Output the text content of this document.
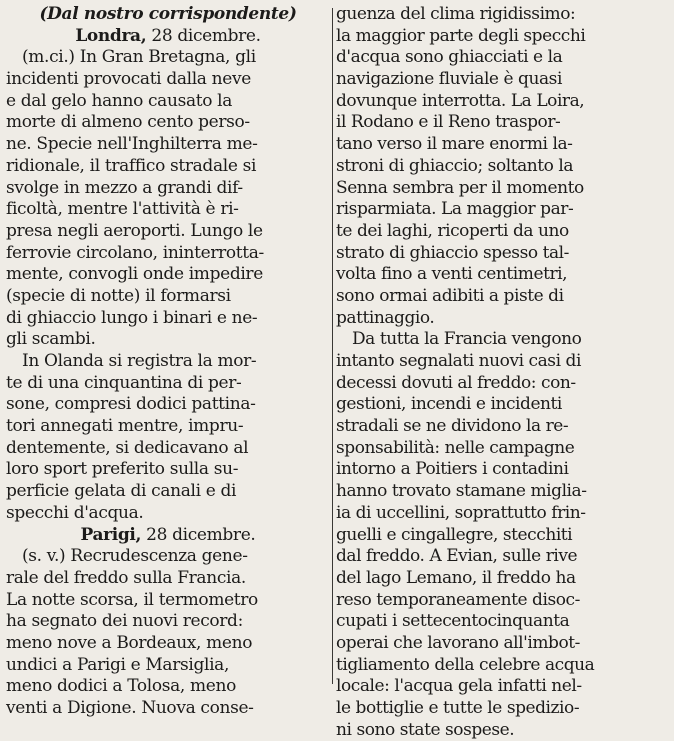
(Dal nostro corrispondente)
Londra, 28 dicembre.
(m.ci.) In Gran Bretagna, gli
incidenti provocati dalla neve
e dal gelo hanno causato la
morte di almeno cento perso-
ne. Specie nell'Inghilterra me-
ridionale, il traffico stradale si
svolge in mezzo a grandi dif-
ficoltà, mentre l'attività è ri-
presa negli aeroporti. Lungo le
ferrovie circolano, ininterrotta-
mente, convogli onde impedire
(specie di notte) il formarsi
di ghiaccio lungo i binari e ne-
gli scambi.
In Olanda si registra la mor-
te di una cinquantina di per-
sone, compresi dodici pattina-
tori annegati mentre, impru-
dentemente, si dedicavano al
loro sport preferito sulla su-
perficie gelata di canali e di
specchi d'acqua.
Parigi, 28 dicembre.
(s. v.) Recrudescenza gene-
rale del freddo sulla Francia.
La notte scorsa, il termometro
ha segnato dei nuovi record:
meno nove a Bordeaux, meno
undici a Parigi e Marsiglia,
meno dodici a Tolosa, meno
venti a Digione. Nuova conse-
guenza del clima rigidissimo:
la maggior parte degli specchi
d'acqua sono ghiacciati e la
navigazione fluviale è quasi
dovunque interrotta. La Loira,
il Rodano e il Reno traspor-
tano verso il mare enormi la-
stroni di ghiaccio; soltanto la
Senna sembra per il momento
risparmiata. La maggior par-
te dei laghi, ricoperti da uno
strato di ghiaccio spesso tal-
volta fino a venti centimetri,
sono ormai adibiti a piste di
pattinaggio.
Da tutta la Francia vengono
intanto segnalati nuovi casi di
decessi dovuti al freddo: con-
gestioni, incendi e incidenti
stradali se ne dividono la re-
sponsabilità: nelle campagne
intorno a Poitiers i contadini
hanno trovato stamane miglia-
ia di uccellini, soprattutto frin-
guelli e cingallegre, stecchiti
dal freddo. A Evian, sulle rive
del lago Lemano, il freddo ha
reso temporaneamente disoc-
cupati i settecentocinquanta
operai che lavorano all'imbot-
tigliamento della celebre acqua
locale: l'acqua gela infatti nel-
le bottiglie e tutte le spedizio-
ni sono state sospese.
